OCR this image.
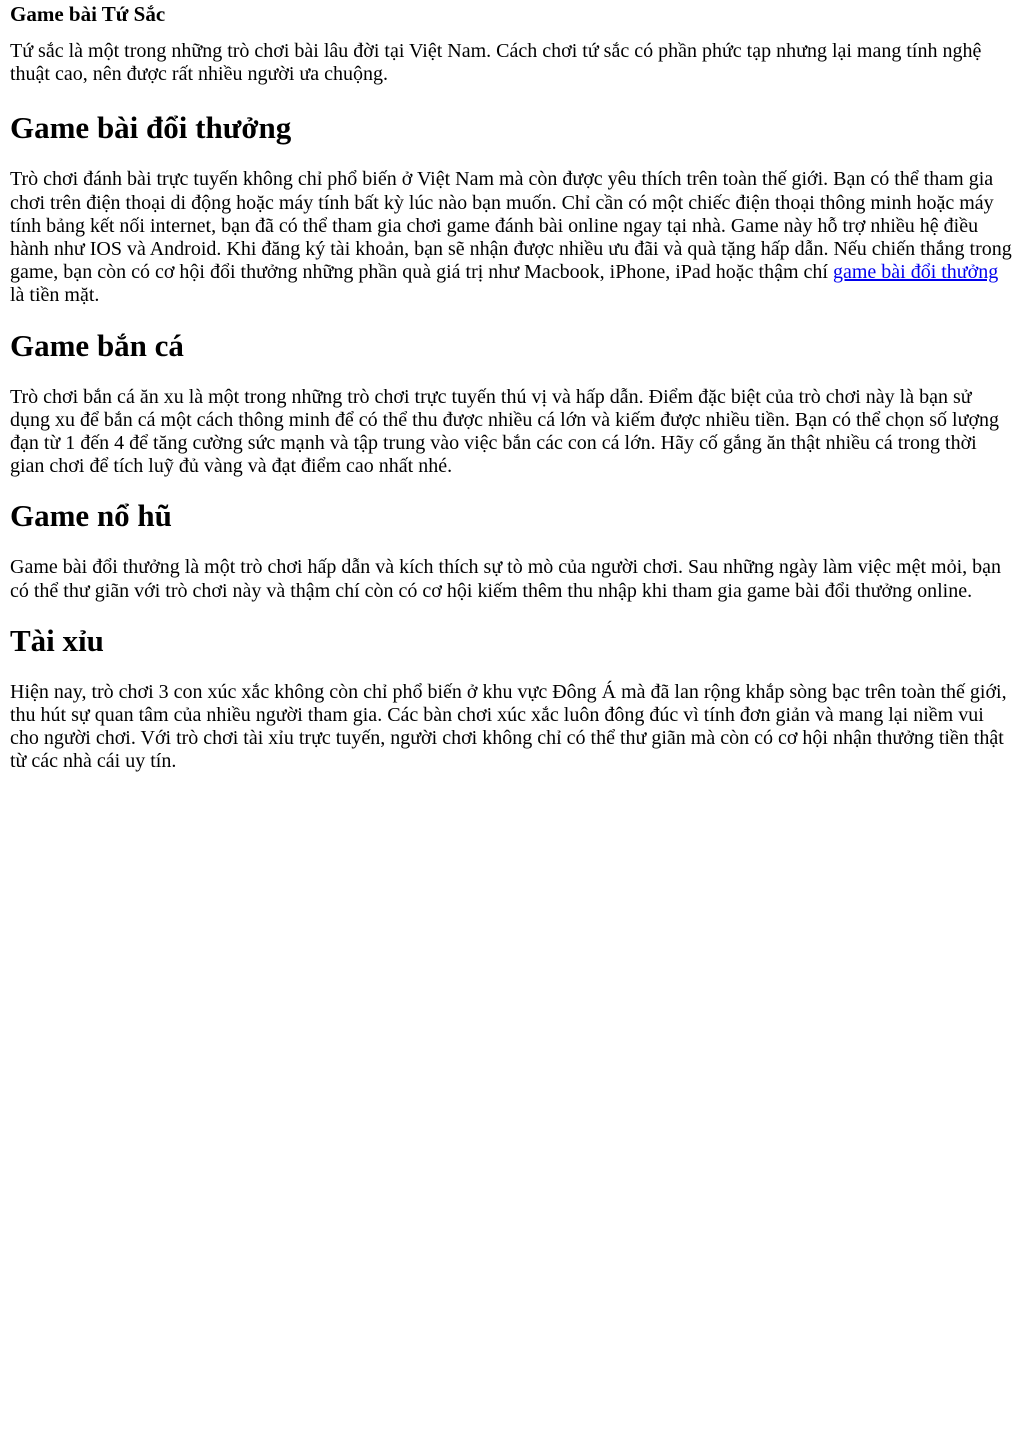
Game bài Tứ Sắc

Tứ sắc là một trong những trò chơi bài lâu đời tại Việt Nam. Cách chơi tứ sắc có phần phức tạp nhưng lại mang tính nghệ thuật cao, nên được rất nhiều người ưa chuộng.

Game bài đổi thưởng

Trò chơi đánh bài trực tuyến không chỉ phổ biến ở Việt Nam mà còn được yêu thích trên toàn thế giới. Bạn có thể tham gia chơi trên điện thoại di động hoặc máy tính bất kỳ lúc nào bạn muốn. Chỉ cần có một chiếc điện thoại thông minh hoặc máy tính bảng kết nối internet, bạn đã có thể tham gia chơi game đánh bài online ngay tại nhà. Game này hỗ trợ nhiều hệ điều hành như IOS và Android. Khi đăng ký tài khoản, bạn sẽ nhận được nhiều ưu đãi và quà tặng hấp dẫn. Nếu chiến thắng trong game, bạn còn có cơ hội đổi thưởng những phần quà giá trị như Macbook, iPhone, iPad hoặc thậm chí game bài đổi thưởng là tiền mặt.

Game bắn cá

Trò chơi bắn cá ăn xu là một trong những trò chơi trực tuyến thú vị và hấp dẫn. Điểm đặc biệt của trò chơi này là bạn sử dụng xu để bắn cá một cách thông minh để có thể thu được nhiều cá lớn và kiếm được nhiều tiền. Bạn có thể chọn số lượng đạn từ 1 đến 4 để tăng cường sức mạnh và tập trung vào việc bắn các con cá lớn. Hãy cố gắng ăn thật nhiều cá trong thời gian chơi để tích luỹ đủ vàng và đạt điểm cao nhất nhé.

Game nổ hũ

Game bài đổi thưởng là một trò chơi hấp dẫn và kích thích sự tò mò của người chơi. Sau những ngày làm việc mệt mỏi, bạn có thể thư giãn với trò chơi này và thậm chí còn có cơ hội kiếm thêm thu nhập khi tham gia game bài đổi thưởng online.

Tài xỉu

Hiện nay, trò chơi 3 con xúc xắc không còn chỉ phổ biến ở khu vực Đông Á mà đã lan rộng khắp sòng bạc trên toàn thế giới, thu hút sự quan tâm của nhiều người tham gia. Các bàn chơi xúc xắc luôn đông đúc vì tính đơn giản và mang lại niềm vui cho người chơi. Với trò chơi tài xỉu trực tuyến, người chơi không chỉ có thể thư giãn mà còn có cơ hội nhận thưởng tiền thật từ các nhà cái uy tín.
